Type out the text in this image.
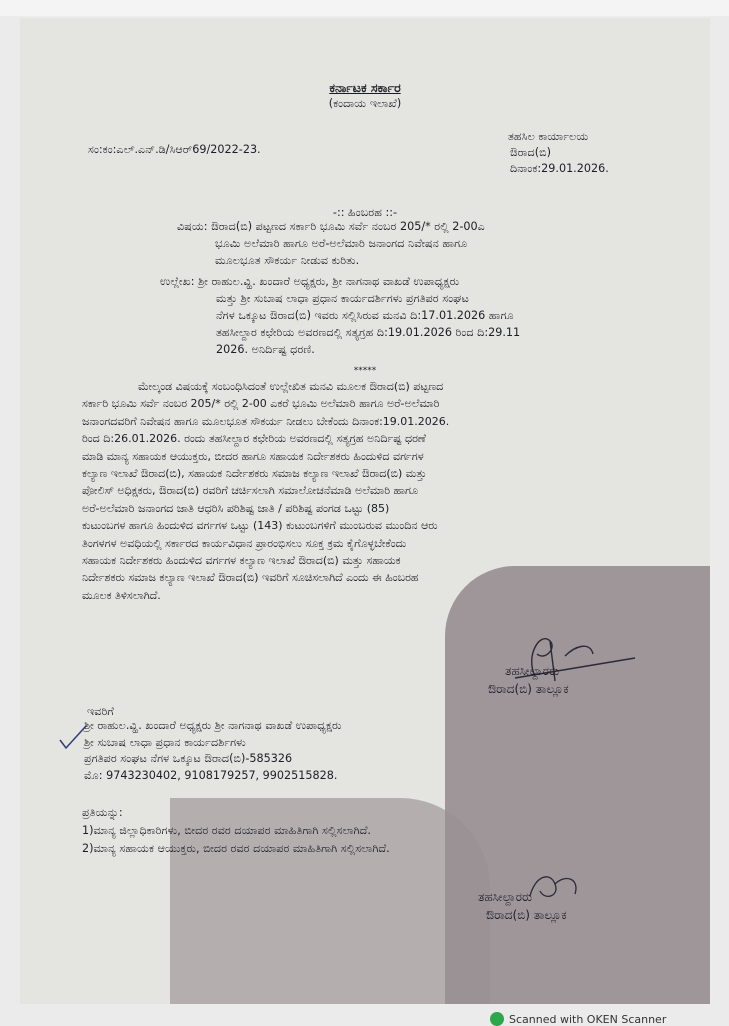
ಕರ್ನಾಟಕ ಸರ್ಕಾರ
(ಕಂದಾಯ ಇಲಾಖೆ)
ಸಂ:ಕಂ:ಎಲ್.ಎನ್.ಡಿ/ಸಿಆರ್69/2022-23.
ತಹಸಿಲ ಕಾರ್ಯಾಲಯ
ಔರಾದ(ಬಿ)
ದಿನಾಂಕ:29.01.2026.
-:: ಹಿಂಬರಹ ::-
ವಿಷಯ: ಔರಾದ(ಬಿ) ಪಟ್ಟಣದ ಸರ್ಕಾರಿ ಭೂಮಿ ಸರ್ವೆ ನಂಬರ 205/* ರಲ್ಲಿ 2-00ಎ
ಭೂಮಿ ಅಲೆಮಾರಿ ಹಾಗೂ ಅರೆ-ಅಲೆಮಾರಿ ಜನಾಂಗದ ನಿವೇಷನ ಹಾಗೂ
ಮೂಲಭೂತ ಸೌಕರ್ಯ ನೀಡುವ ಕುರಿತು.
ಉಲ್ಲೇಖ: ಶ್ರೀ ರಾಹುಲ.ವ್ಹಿ. ಖಂದಾರೆ ಅಧ್ಯಕ್ಷರು, ಶ್ರೀ ನಾಗನಾಥ ವಾಖಡೆ ಉಪಾಧ್ಯಕ್ಷರು
ಮತ್ತು ಶ್ರೀ ಸುಬಾಷ ಲಾಧಾ ಪ್ರಧಾನ ಕಾರ್ಯದರ್ಶಿಗಳು ಪ್ರಗತಿಪರ ಸಂಘಟ
ನೆಗಳ ಒಕ್ಕೂಟ ಔರಾದ(ಬಿ) ಇವರು ಸಲ್ಲಿಸಿರುವ ಮನವಿ ದಿ:17.01.2026 ಹಾಗೂ
ತಹಸೀಲ್ದಾರ ಕಛೇರಿಯ ಅವರಣದಲ್ಲಿ ಸತ್ಯಗ್ರಹ ದಿ:19.01.2026 ರಿಂದ ದಿ:29.11
2026. ಅನಿರ್ದಿಷ್ಟ ಧರಣಿ.
*****
ಮೇಲ್ಕಂಡ ವಿಷಯಕ್ಕೆ ಸಂಬಂಧಿಸಿದಂತೆ ಉಲ್ಲೇಖಿತ ಮನವಿ ಮೂಲಕ ಔರಾದ(ಬಿ) ಪಟ್ಟಣದ
ಸರ್ಕಾರಿ ಭೂಮಿ ಸರ್ವೆ ನಂಬರ 205/* ರಲ್ಲಿ 2-00 ಎಕರೆ ಭೂಮಿ ಅಲೆಮಾರಿ ಹಾಗೂ ಅರೆ-ಅಲೆಮಾರಿ
ಜನಾಂಗದವರಿಗೆ ನಿವೇಷನ ಹಾಗೂ ಮೂಲಭೂತ ಸೌಕರ್ಯ ನೀಡಲು ಬೇಕೆಂದು ದಿನಾಂಕ:19.01.2026.
ರಿಂದ ದಿ:26.01.2026. ರಂದು ತಹಸೀಲ್ದಾರ ಕಛೇರಿಯ ಅವರಣದಲ್ಲಿ ಸತ್ಯಗ್ರಹ ಅನಿರ್ದಿಷ್ಟ ಧರಣೆ
ಮಾಡಿ ಮಾನ್ಯ ಸಹಾಯಕ ಆಯುಕ್ತರು, ಬೀದರ ಹಾಗೂ ಸಹಾಯಕ ನಿರ್ದೇಶಕರು ಹಿಂದುಳಿದ ವರ್ಗಗಳ
ಕಲ್ಯಾಣ ಇಲಾಖೆ ಔರಾದ(ಬಿ), ಸಹಾಯಕ ನಿರ್ದೇಶಕರು ಸಮಾಜ ಕಲ್ಯಾಣ ಇಲಾಖೆ ಔರಾದ(ಬಿ) ಮತ್ತು
ಪೋಲಿಸ್ ಅಧಿಕ್ಷಕರು, ಔರಾದ(ಬಿ) ರವರಿಗೆ ಚರ್ಚಿಸಲಾಗಿ ಸಮಾಲೋಚನೆಮಾಡಿ ಅಲೆಮಾರಿ ಹಾಗೂ
ಅರೆ-ಅಲೆಮಾರಿ ಜನಾಂಗದ ಜಾತಿ ಆಧರಿಸಿ ಪರಿಶಿಷ್ಟ ಜಾತಿ / ಪರಿಶಿಷ್ಟ ಪಂಗಡ ಒಟ್ಟು (85)
ಕುಟುಂಬಗಳ ಹಾಗೂ ಹಿಂದುಳಿದ ವರ್ಗಗಳ ಒಟ್ಟು (143) ಕುಟುಂಬಗಳಿಗೆ ಮುಂಬರುವ ಮುಂದಿನ ಆರು
ತಿಂಗಳಗಳ ಅವಧಿಯಲ್ಲಿ ಸರ್ಕಾರದ ಕಾರ್ಯವಿಧಾನ ಪ್ರಾರಂಭಿಸಲು ಸೂಕ್ತ ಕ್ರಮ ಕೈಗೊಳ್ಳಬೇಕೆಂದು
ಸಹಾಯಕ ನಿರ್ದೇಶಕರು ಹಿಂದುಳಿದ ವರ್ಗಗಳ ಕಲ್ಯಾಣ ಇಲಾಖೆ ಔರಾದ(ಬಿ) ಮತ್ತು ಸಹಾಯಕ
ನಿರ್ದೇಶಕರು ಸಮಾಜ ಕಲ್ಯಾಣ ಇಲಾಖೆ ಔರಾದ(ಬಿ) ಇವರಿಗೆ ಸೂಚಿಸಲಾಗಿದೆ ಎಂದು ಈ ಹಿಂಬರಹ
ಮೂಲಕ ತಿಳಿಸಲಾಗಿದೆ.
ತಹಸೀಲ್ದಾರರು
ಔರಾದ(ಬಿ) ತಾಲ್ಲೂಕ
ಇವರಿಗೆ
ಶ್ರೀ ರಾಹುಲ.ವ್ಹಿ. ಖಂದಾರೆ ಅಧ್ಯಕ್ಷರು ಶ್ರೀ ನಾಗನಾಥ ವಾಖಡೆ ಉಪಾಧ್ಯಕ್ಷರು
ಶ್ರೀ ಸುಬಾಷ ಲಾಧಾ ಪ್ರಧಾನ ಕಾರ್ಯದರ್ಶಿಗಳು
ಪ್ರಗತಿಪರ ಸಂಘಟ ನೆಗಳ ಒಕ್ಕೂಟ ಔರಾದ(ಬಿ)-585326
ಮೊ: 9743230402, 9108179257, 9902515828.
ಪ್ರತಿಯನ್ನು:
1)ಮಾನ್ಯ ಜಿಲ್ಲಾಧಿಕಾರಿಗಳು, ಬೀದರ ರವರ ದಯಾಪರ ಮಾಹಿತಿಗಾಗಿ ಸಲ್ಲಿಸಲಾಗಿದೆ.
2)ಮಾನ್ಯ ಸಹಾಯಕ ಆಯುಕ್ತರು, ಬೀದರ ರವರ ದಯಾಪರ ಮಾಹಿತಿಗಾಗಿ ಸಲ್ಲಿಸಲಾಗಿದೆ.
ತಹಸೀಲ್ದಾರರು
ಔರಾದ(ಬಿ) ತಾಲ್ಲೂಕ
Scanned with OKEN Scanner
